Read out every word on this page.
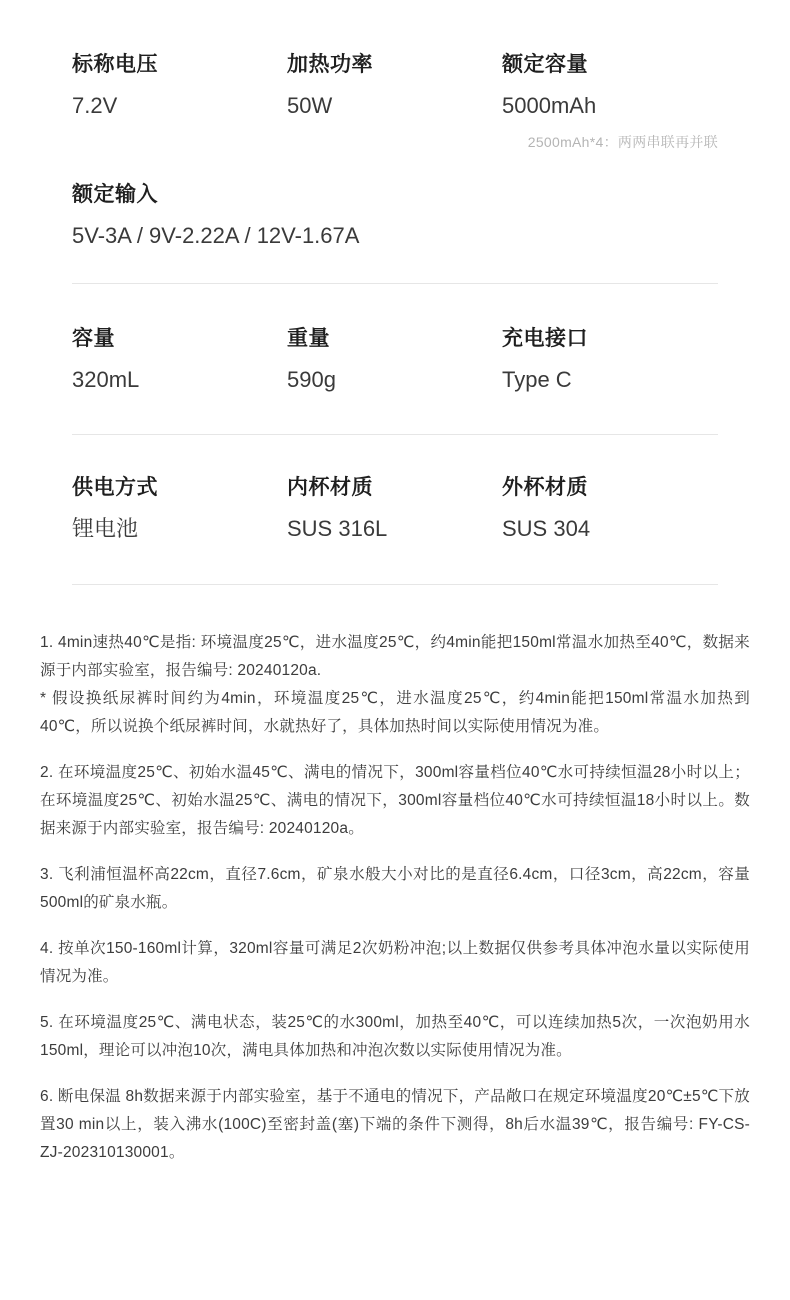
标称电压
7.2V
加热功率
50W
额定容量
5000mAh
2500mAh*4：两两串联再并联
额定输入
5V-3A / 9V-2.22A / 12V-1.67A
容量
320mL
重量
590g
充电接口
Type C
供电方式
锂电池
内杯材质
SUS 316L
外杯材质
SUS 304

1. 4min速热40℃是指: 环境温度25℃，进水温度25℃，约4min能把150ml常温水加热至40℃，数据来源于内部实验室，报告编号: 20240120a.

* 假设换纸尿裤时间约为4min，环境温度25℃，进水温度25℃，约4min能把150ml常温水加热到40℃，所以说换个纸尿裤时间，水就热好了，具体加热时间以实际使用情况为准。

2. 在环境温度25℃、初始水温45℃、满电的情况下，300ml容量档位40℃水可持续恒温28小时以上；在环境温度25℃、初始水温25℃、满电的情况下，300ml容量档位40℃水可持续恒温18小时以上。数据来源于内部实验室，报告编号: 20240120a。

3. 飞利浦恒温杯高22cm，直径7.6cm，矿泉水般大小对比的是直径6.4cm，口径3cm，高22cm，容量500ml的矿泉水瓶。

4. 按单次150-160ml计算，320ml容量可满足2次奶粉冲泡;以上数据仅供参考具体冲泡水量以实际使用情况为准。

5. 在环境温度25℃、满电状态，装25℃的水300ml，加热至40℃，可以连续加热5次，一次泡奶用水150ml，理论可以冲泡10次，满电具体加热和冲泡次数以实际使用情况为准。

6. 断电保温 8h数据来源于内部实验室，基于不通电的情况下，产品敞口在规定环境温度20℃±5℃下放置30 min以上，装入沸水(100C)至密封盖(塞)下端的条件下测得，8h后水温39℃，报告编号: FY-CS-ZJ-202310130001。
